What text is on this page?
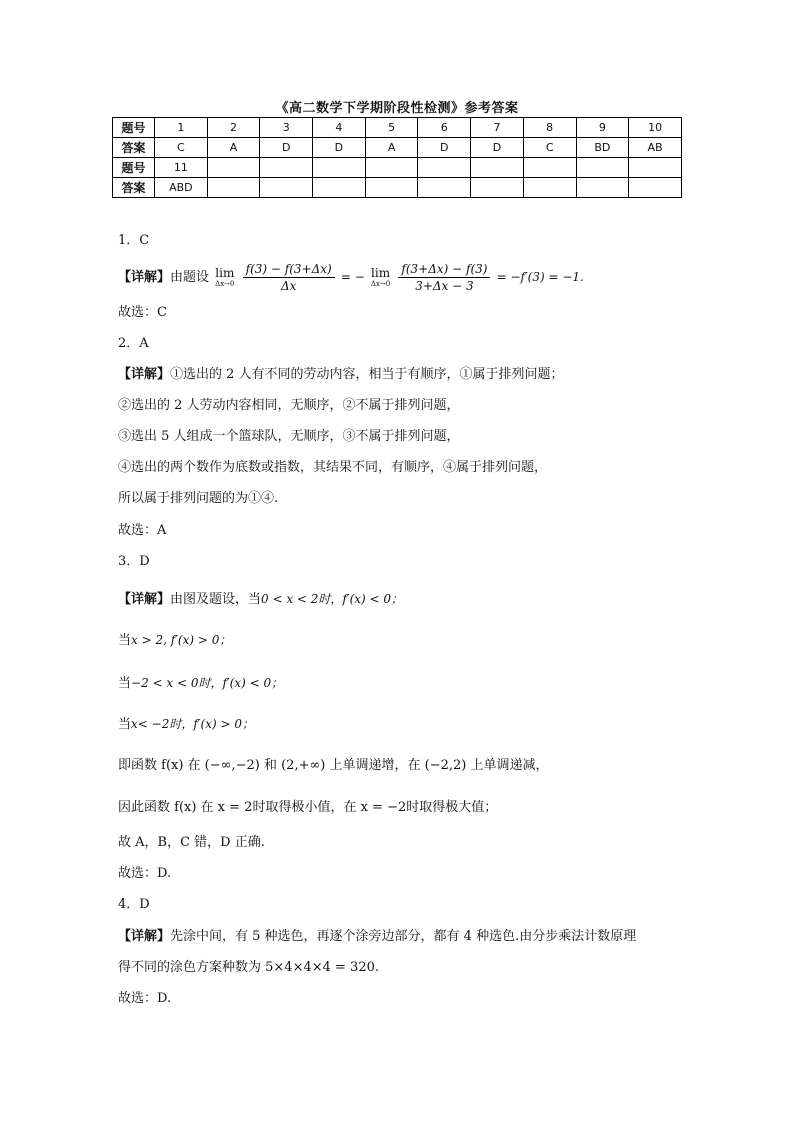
《高二数学下学期阶段性检测》参考答案
题号	1	2	3	4	5	6	7	8	9	10
答案	C	A	D	D	A	D	D	C	BD	AB
题号	11									
答案	ABD									
1．C
【详解】由题设 lim
Δx→0
$\frac{f(3) - f(3+\Delta x)}{\Delta x}$ = − lim
Δx→0
$\frac{f(3+\Delta x) - f(3)}{3+\Delta x - 3} = -f'(3) = -1$.
故选：C
2．A
【详解】①选出的 2 人有不同的劳动内容，相当于有顺序，①属于排列问题；
②选出的 2 人劳动内容相同，无顺序，②不属于排列问题，
③选出 5 人组成一个篮球队，无顺序，③不属于排列问题，
④选出的两个数作为底数或指数，其结果不同，有顺序，④属于排列问题，
所以属于排列问题的为①④.
故选：A
3．D
【详解】由图及题设，当0 < x < 2时，f′(x) < 0；
当x > 2, f′(x) > 0；
当−2 < x < 0时，f′(x) < 0；
当x< −2时，f′(x) > 0；
即函数 f(x) 在 (−∞,−2) 和 (2,+∞) 上单调递增，在 (−2,2) 上单调递减，
因此函数 f(x) 在 x = 2时取得极小值，在 x = −2时取得极大值；
故 A，B，C 错，D 正确.
故选：D.
4．D
【详解】先涂中间，有 5 种选色，再逐个涂旁边部分，都有 4 种选色.由分步乘法计数原理
得不同的涂色方案种数为 5×4×4×4 = 320.
故选：D.
